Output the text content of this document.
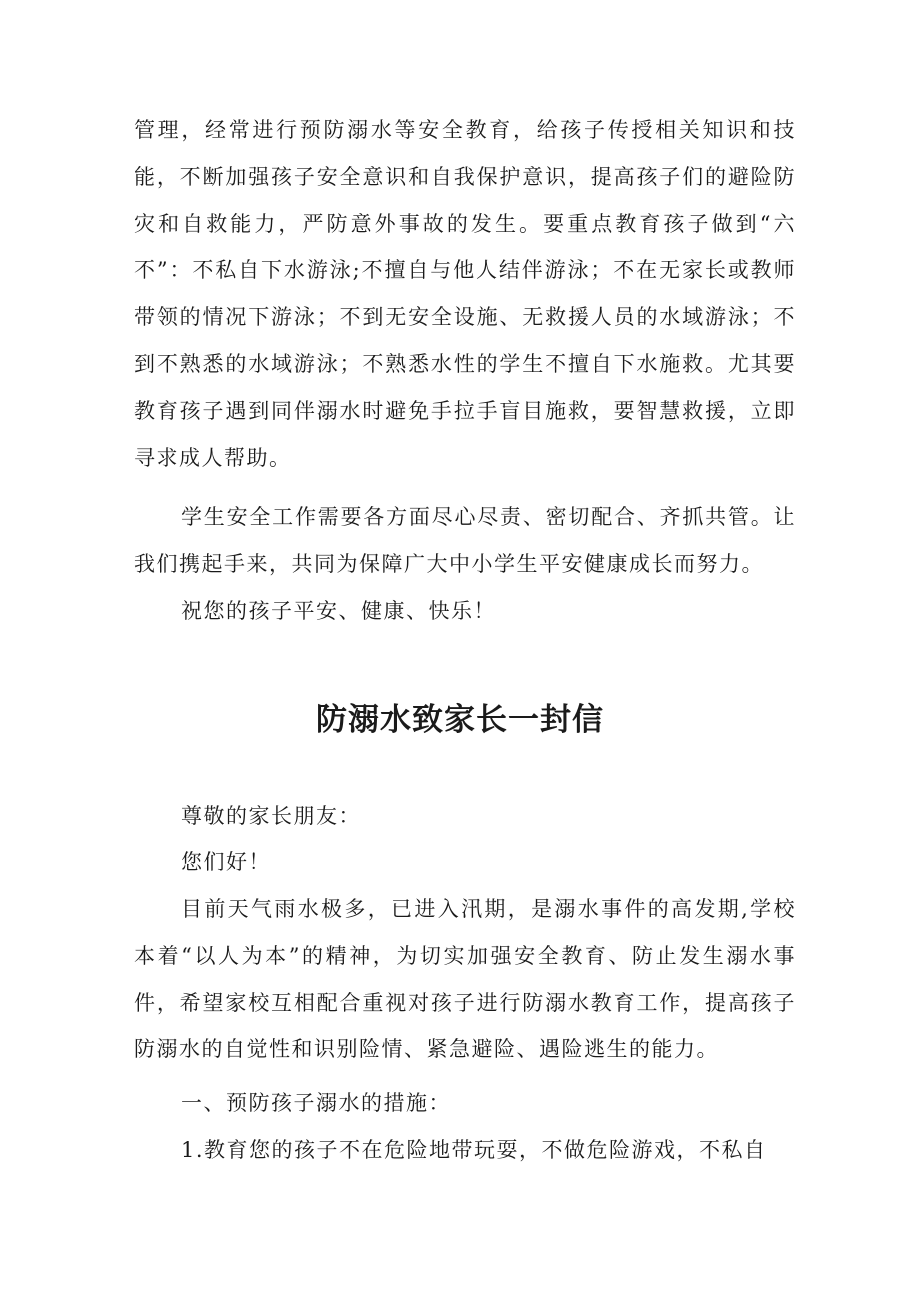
管理，经常进行预防溺水等安全教育，给孩子传授相关知识和技能，不断加强孩子安全意识和自我保护意识，提高孩子们的避险防灾和自救能力，严防意外事故的发生。要重点教育孩子做到“六不”：不私自下水游泳;不擅自与他人结伴游泳；不在无家长或教师带领的情况下游泳；不到无安全设施、无救援人员的水域游泳；不到不熟悉的水域游泳；不熟悉水性的学生不擅自下水施救。尤其要教育孩子遇到同伴溺水时避免手拉手盲目施救，要智慧救援，立即寻求成人帮助。

学生安全工作需要各方面尽心尽责、密切配合、齐抓共管。让我们携起手来，共同为保障广大中小学生平安健康成长而努力。

祝您的孩子平安、健康、快乐！

防溺水致家长一封信

尊敬的家长朋友：

您们好！

目前天气雨水极多，已进入汛期，是溺水事件的高发期,学校本着“以人为本”的精神，为切实加强安全教育、防止发生溺水事件，希望家校互相配合重视对孩子进行防溺水教育工作，提高孩子防溺水的自觉性和识别险情、紧急避险、遇险逃生的能力。

一、预防孩子溺水的措施：

1.教育您的孩子不在危险地带玩耍，不做危险游戏，不私自
